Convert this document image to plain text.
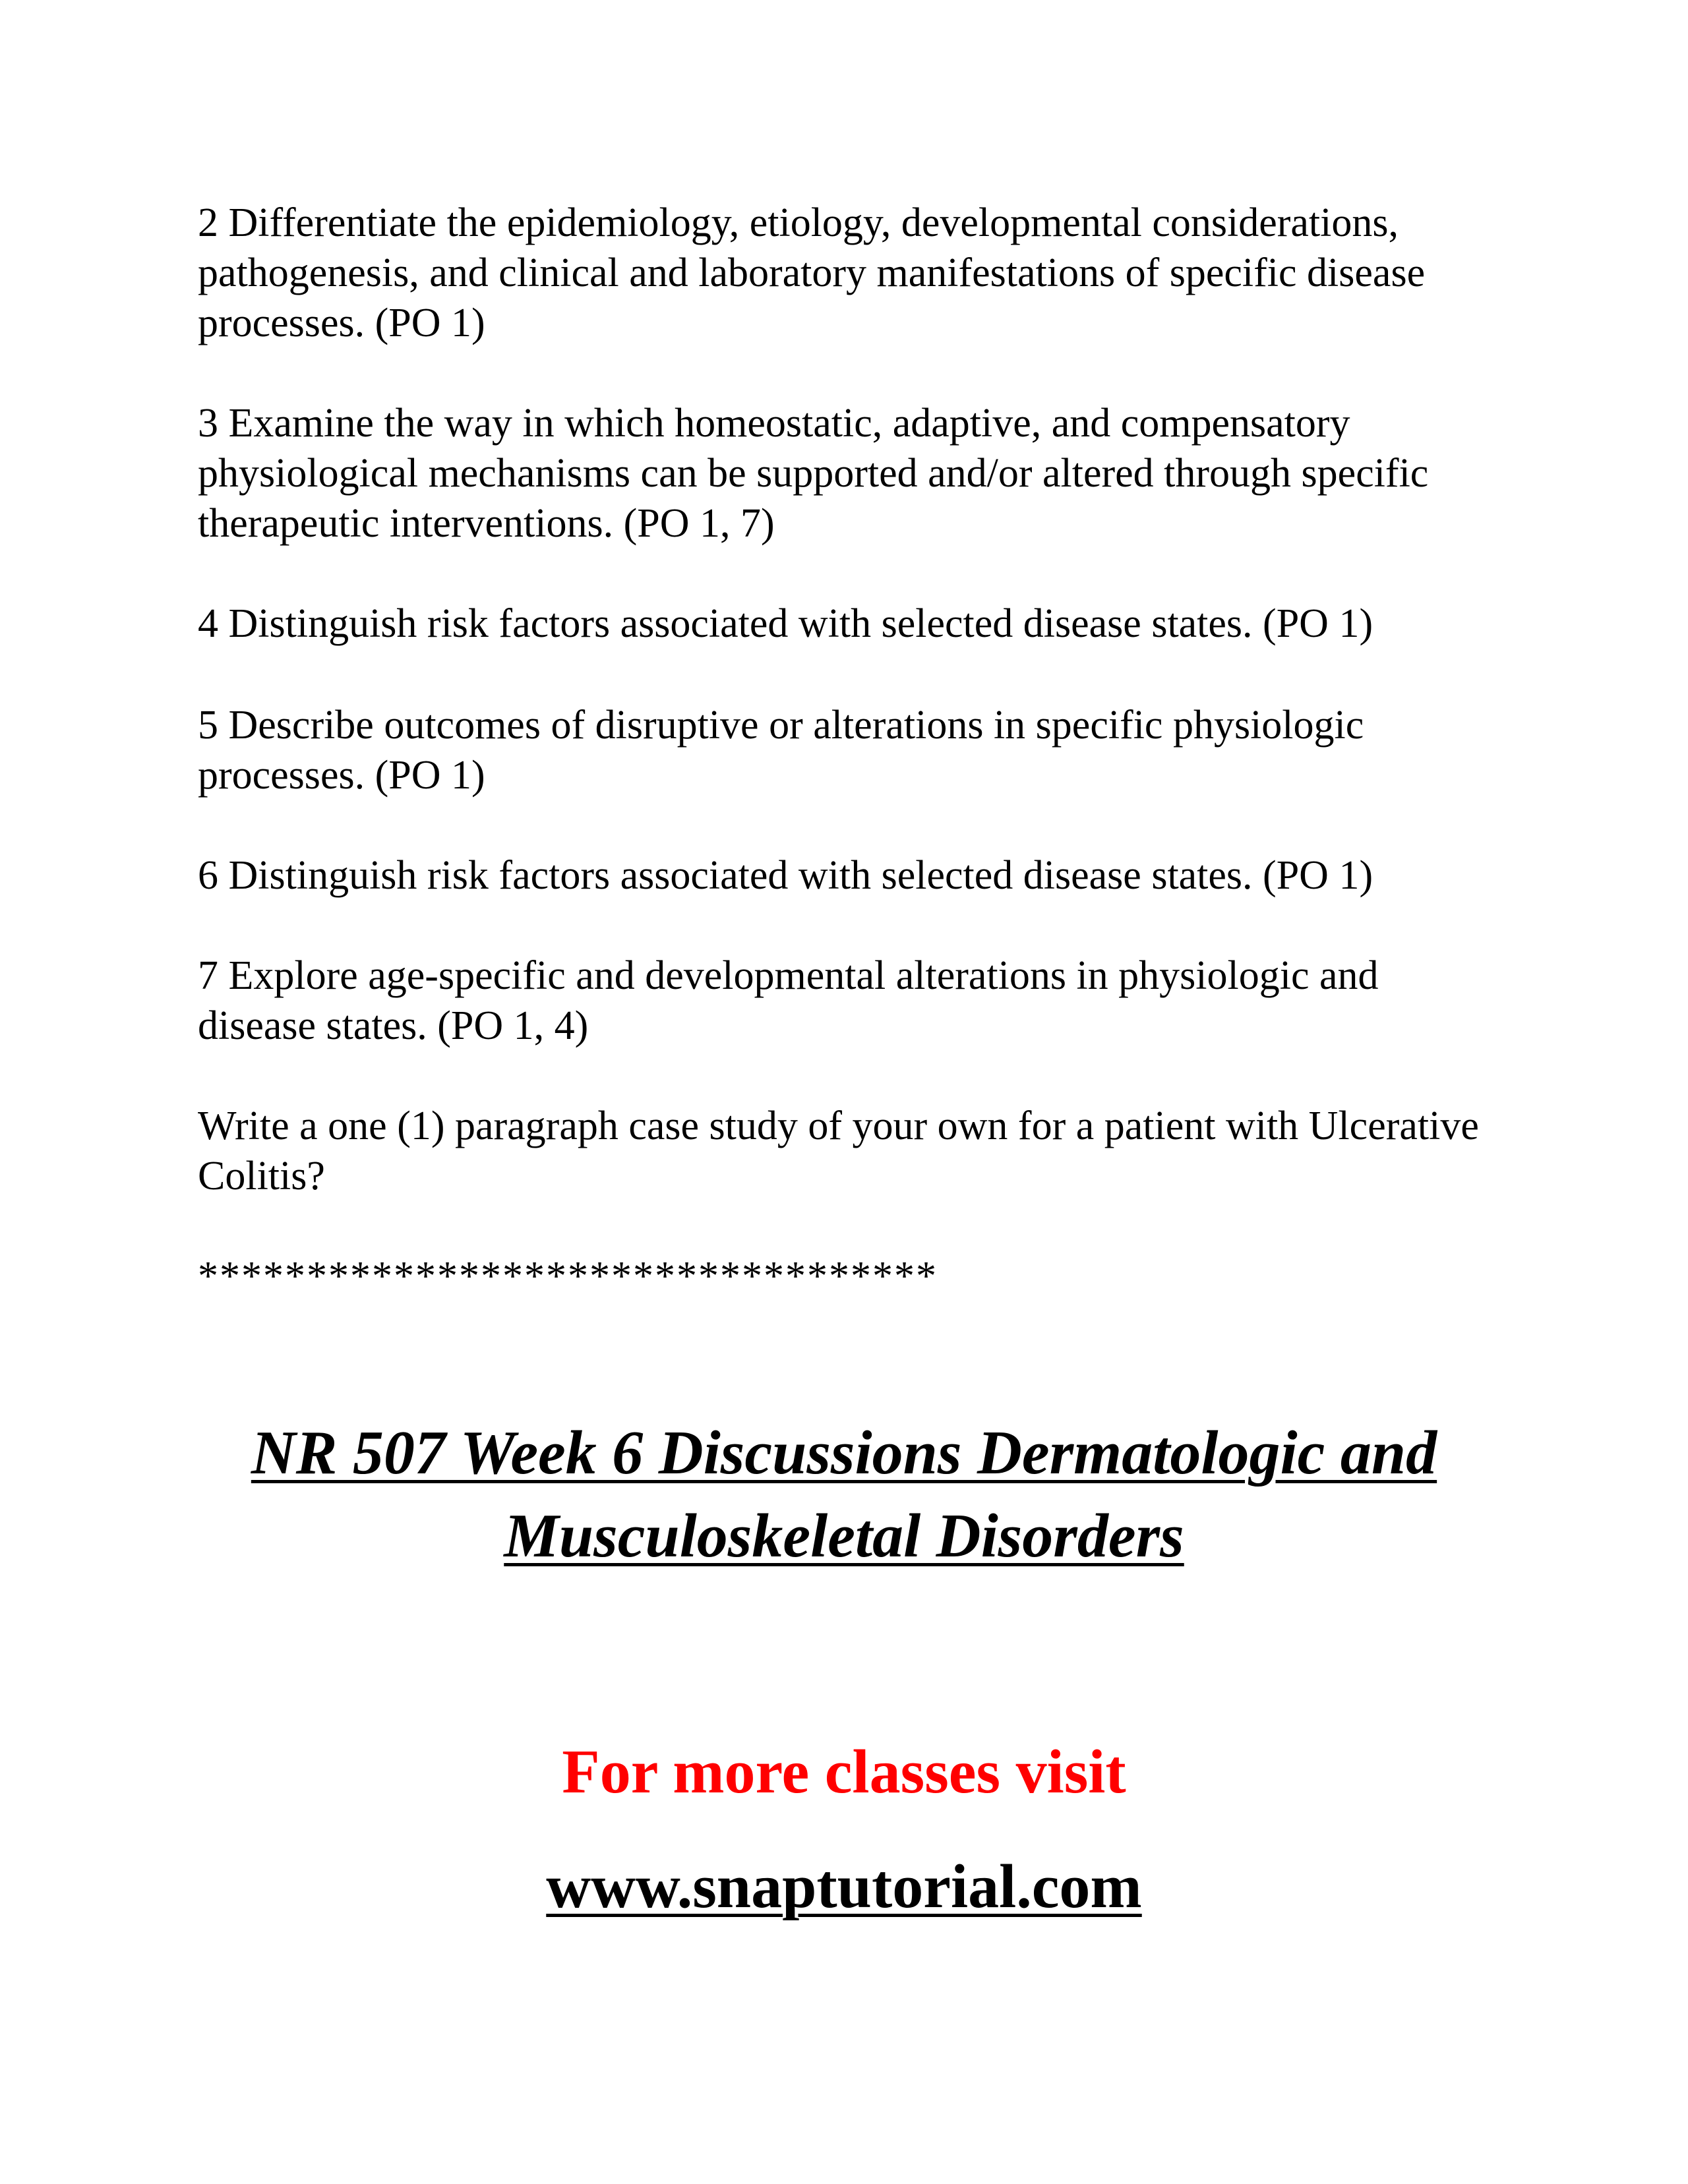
2 Differentiate the epidemiology, etiology, developmental considerations, pathogenesis, and clinical and laboratory manifestations of specific disease processes. (PO 1)

3 Examine the way in which homeostatic, adaptive, and compensatory physiological mechanisms can be supported and/or altered through specific therapeutic interventions. (PO 1, 7)

4 Distinguish risk factors associated with selected disease states. (PO 1)

5 Describe outcomes of disruptive or alterations in specific physiologic processes. (PO 1)

6 Distinguish risk factors associated with selected disease states. (PO 1)

7 Explore age-specific and developmental alterations in physiologic and disease states. (PO 1, 4)

Write a one (1) paragraph case study of your own for a patient with Ulcerative Colitis?

**********************************

NR 507 Week 6 Discussions Dermatologic and

Musculoskeletal Disorders

For more classes visit

www.snaptutorial.com
